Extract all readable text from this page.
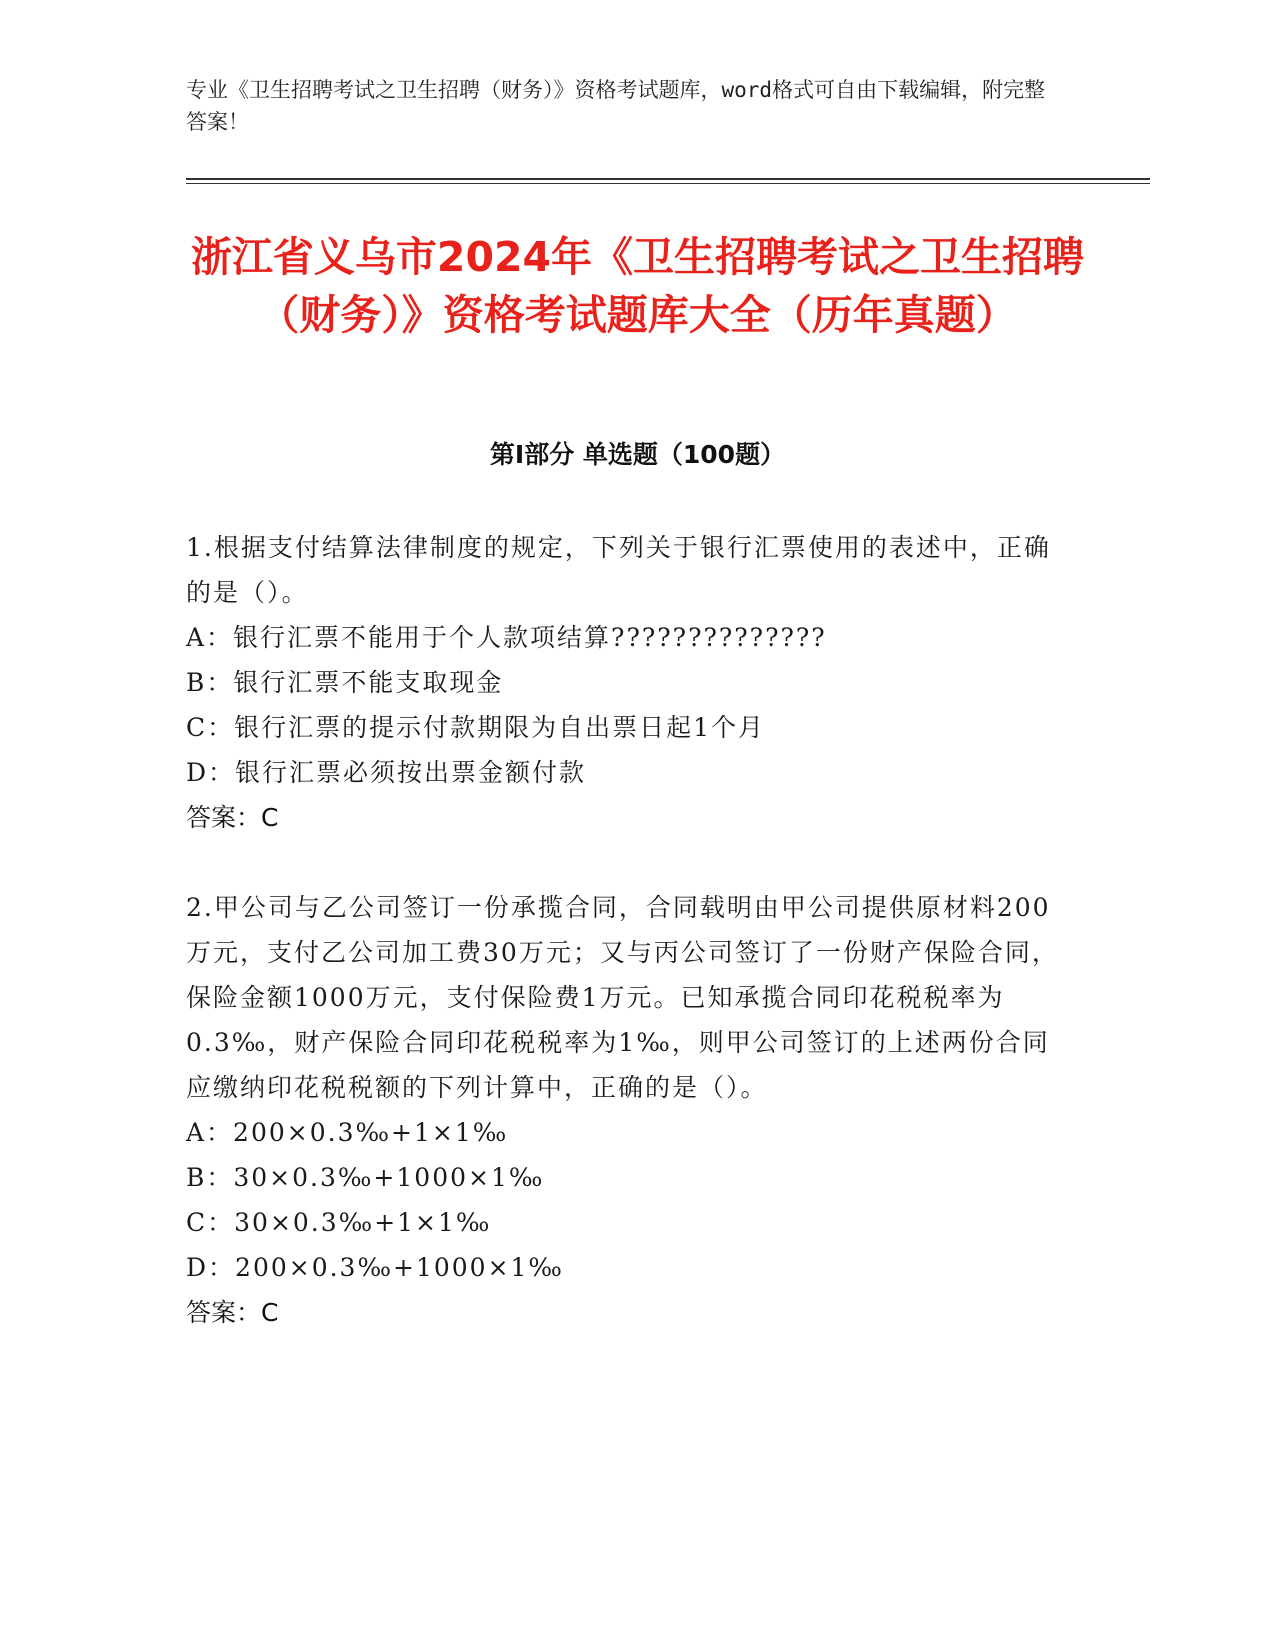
专业《卫生招聘考试之卫生招聘（财务）》资格考试题库，word格式可自由下载编辑，附完整答案！
浙江省义乌市2024年《卫生招聘考试之卫生招聘（财务）》资格考试题库大全（历年真题）
第Ⅰ部分 单选题（100题）
1.根据支付结算法律制度的规定，下列关于银行汇票使用的表述中，正确的是（）。
A：银行汇票不能用于个人款项结算??????????????
B：银行汇票不能支取现金
C：银行汇票的提示付款期限为自出票日起1个月
D：银行汇票必须按出票金额付款
答案：C
2.甲公司与乙公司签订一份承揽合同，合同载明由甲公司提供原材料200万元，支付乙公司加工费30万元；又与丙公司签订了一份财产保险合同，保险金额1000万元，支付保险费1万元。已知承揽合同印花税税率为0.3‰，财产保险合同印花税税率为1‰，则甲公司签订的上述两份合同应缴纳印花税税额的下列计算中，正确的是（）。
A：200×0.3‰+1×1‰
B：30×0.3‰+1000×1‰
C：30×0.3‰+1×1‰
D：200×0.3‰+1000×1‰
答案：C
